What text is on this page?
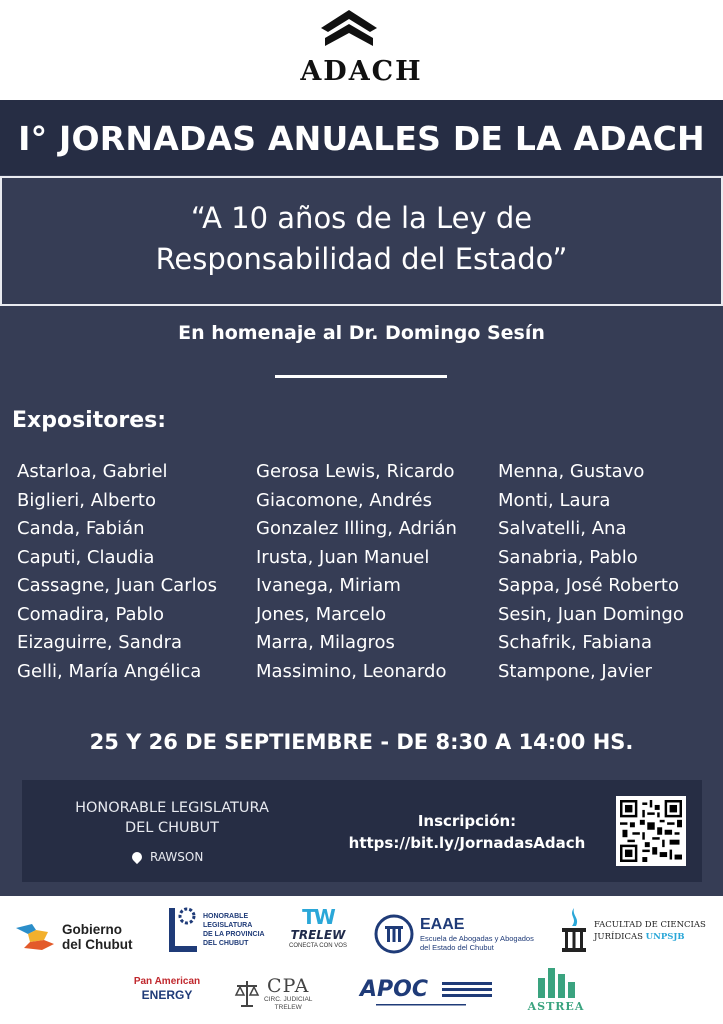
ADACH
I° JORNADAS ANUALES DE LA ADACH
“A 10 años de la Ley de
Responsabilidad del Estado”
En homenaje al Dr. Domingo Sesín
Expositores:
Astarloa, Gabriel
Biglieri, Alberto
Canda, Fabián
Caputi, Claudia
Cassagne, Juan Carlos
Comadira, Pablo
Eizaguirre, Sandra
Gelli, María Angélica
Gerosa Lewis, Ricardo
Giacomone, Andrés
Gonzalez Illing, Adrián
Irusta, Juan Manuel
Ivanega, Miriam
Jones, Marcelo
Marra, Milagros
Massimino, Leonardo
Menna, Gustavo
Monti, Laura
Salvatelli, Ana
Sanabria, Pablo
Sappa, José Roberto
Sesin, Juan Domingo
Schafrik, Fabiana
Stampone, Javier
25 Y 26 DE SEPTIEMBRE - DE 8:30 A 14:00 HS.
HONORABLE LEGISLATURA
DEL CHUBUT
RAWSON
Inscripción:
https://bit.ly/JornadasAdach
Gobierno
del Chubut
HONORABLE
LEGISLATURA
DE LA PROVINCIA
DEL CHUBUT
TW
TRELEW
CONECTA CON VOS
EAAE
Escuela de Abogadas y Abogados
del Estado del Chubut
FACULTAD DE CIENCIAS
JURÍDICAS UNPSJB
Pan American
ENERGY	CPA
CIRC. JUDICIAL
TRELEW
APOC
ASTREA
